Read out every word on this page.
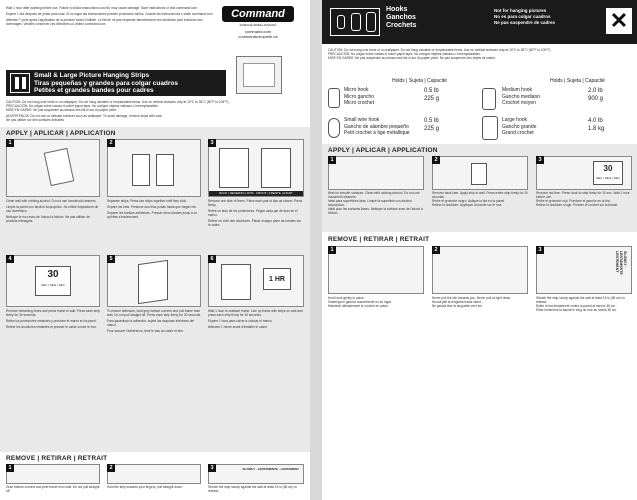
Wait 1 hour after painting before use. Failure to follow instructions can fail, may cause damage. Save instructions or visit command.com
Espere 1 día después de pintar para usar. Si no sigue las instrucciones pueden producirse daños. Guarde las instrucciones o visite command.com
Attendre 7 jours après l’application de la peinture avant d’utiliser. Le fait de ne pas respecter attentivement ces directives peut entraîner des dommages. Veuillez conserver ces directives ou visitez command.com
Command
DAMAGE-FREE HANGING
command.com
commandcomplete.ca
Small & Large Picture Hanging Strips
Tiras pequeñas y grandes para colgar cuadros
Petites et grandes bandes pour cadres
CAUTION: Do not hang over beds or on wallpaper. Do not hang valuable or irreplaceable items. Use on vertical surfaces only at 10°C to 38°C (50°F to 105°F).
PRECAUCIÓN: No colgar sobre camas ni sobre papel tapiz. No cuelgue objetos valiosos o irreemplazables.
MISE EN GARDE: Ne pas suspendre au-dessus des lits ni sur du papier peint.
ADVERTENCIA: Do not use on delicate surfaces such as wallpaper. To avoid damage, remove strips with care.
Ne pas utiliser sur des surfaces délicates.
APPLY | APLICAR | APPLICATION
1
Clean wall with rubbing alcohol. Do not use household cleaners.
Limpie la pared con alcohol isopropílico. No utilice limpiadores de uso doméstico.
Nettoyer le mur avec de l’alcool à friction. Ne pas utiliser de produits ménagers.
2
Separate strips. Press two strips together until they click.
Separe las tiras. Presione dos tiras juntas hasta que hagan clic.
Séparer les bandes adhésives. Presser deux bandes jusqu’à ce qu’elles s’enclenchent.
3
BACK | REVERSO | DOS · FRONT | FRENTE | AVANT
Remove one side of liners. Place each pair of tips as shown. Press firmly.
Retire un lado de los protectores. Pegue cada par de tiras en el marco.
Retirer un côté des doublures. Placer chaque paire de bandes sur le cadre.
4
30
SEC | SEG | SEC
Remove remaining liners and press frame to wall. Press each strip firmly for 30 seconds.
Retire los protectores restantes y presione el marco en la pared.
Retirer les doublures restantes et presser le cadre contre le mur.
5
To ensure adhesion, hold grey bottom corners and pull frame from wall. Do not pull straight off. Press each strip firmly for 30 seconds.
Para garantizar la adhesión, sujete las esquinas inferiores del marco.
Pour assurer l’adhérence, tenir le bas du cadre et tirer.
6
1 HR
Wait 1 hour to reattach frame. Line up frame with strips on wall and press each strip firmly for 30 seconds.
Espere 1 hora para volver a colocar el marco.
Attendre 1 heure avant d’installer le cadre.
REMOVE | RETIRAR | RETRAIT
1
Grab bottom corners and peel frame from wall. Do not pull straight off.
2
Hold the strip towards your fingers, pull straight down.
3	SLOWLY · LENTAMENTE · LENTEMENT
Stretch the strip slowly against the wall at least 15 in (38 cm) to release.
Hooks
Ganchos
Crochets
Not for hanging pictures
No es para colgar cuadros
Ne pas suspendre de cadres	✕
CAUTION: Do not hang over beds or on wallpaper. Do not hang valuable or irreplaceable items. Use on vertical surfaces only at 10°C to 38°C (50°F to 105°F).
PRECAUCIÓN: No colgar sobre camas ni sobre papel tapiz. No cuelgue objetos valiosos o irreemplazables.
MISE EN GARDE: Ne pas suspendre au-dessus des lits ni sur du papier peint. Ne pas suspendre des objets de valeur.
Holds | Sujeta | Capacité	Holds | Sujeta | Capacité
Micro hook
Micro gancho
Micro crochet
0.5 lb
225 g
Medium hook
Gancho mediano
Crochet moyen
2.0 lb
900 g
Small wire hook
Gancho de alambre pequeño
Petit crochet à tige métallique
0.5 lb
225 g
Large hook
Gancho grande
Grand crochet
4.0 lb
1.8 kg
APPLY | APLICAR | APPLICATION
1
Best for smooth surfaces. Clean with rubbing alcohol. Do not use household cleaners.
Ideal para superficies lisas. Limpie la superficie con alcohol isopropílico.
Idéal pour les surfaces lisses. Nettoyer la surface avec de l’alcool à friction.
2
Remove back liner. Apply strip to wall. Press entire strip firmly for 30 seconds.
Retire el protector negro. Aplique la tira en la pared.
Retirer la doublure. Appliquer la bande sur le mur.
3
30
SEC | SEG | SEC
Remove red liner. Press hook to strip firmly for 30 sec. Wait 1 hour before use.
Retire el protector rojo. Presione el gancho en la tira.
Retirer la doublure rouge. Presser le crochet sur la bande.
REMOVE | RETIRAR | RETRAIT
1
Hold hook gently in place.
Sostenga el gancho suavemente en su lugar.
Maintenir délicatement le crochet en place.
2
Never pull the tab towards you. Never pull at right down.
Nunca jale la lengüeta hacia usted.
Ne jamais tirer la languette vers soi.
3
SLOWLY · LENTAMENTE · LENTEMENT
Stretch the strip slowly against the wall at least 15 in (38 cm) to release.
Estire la tira lentamente contra la pared al menos 38 cm.
Étirer lentement la bande le long du mur au moins 38 cm.
